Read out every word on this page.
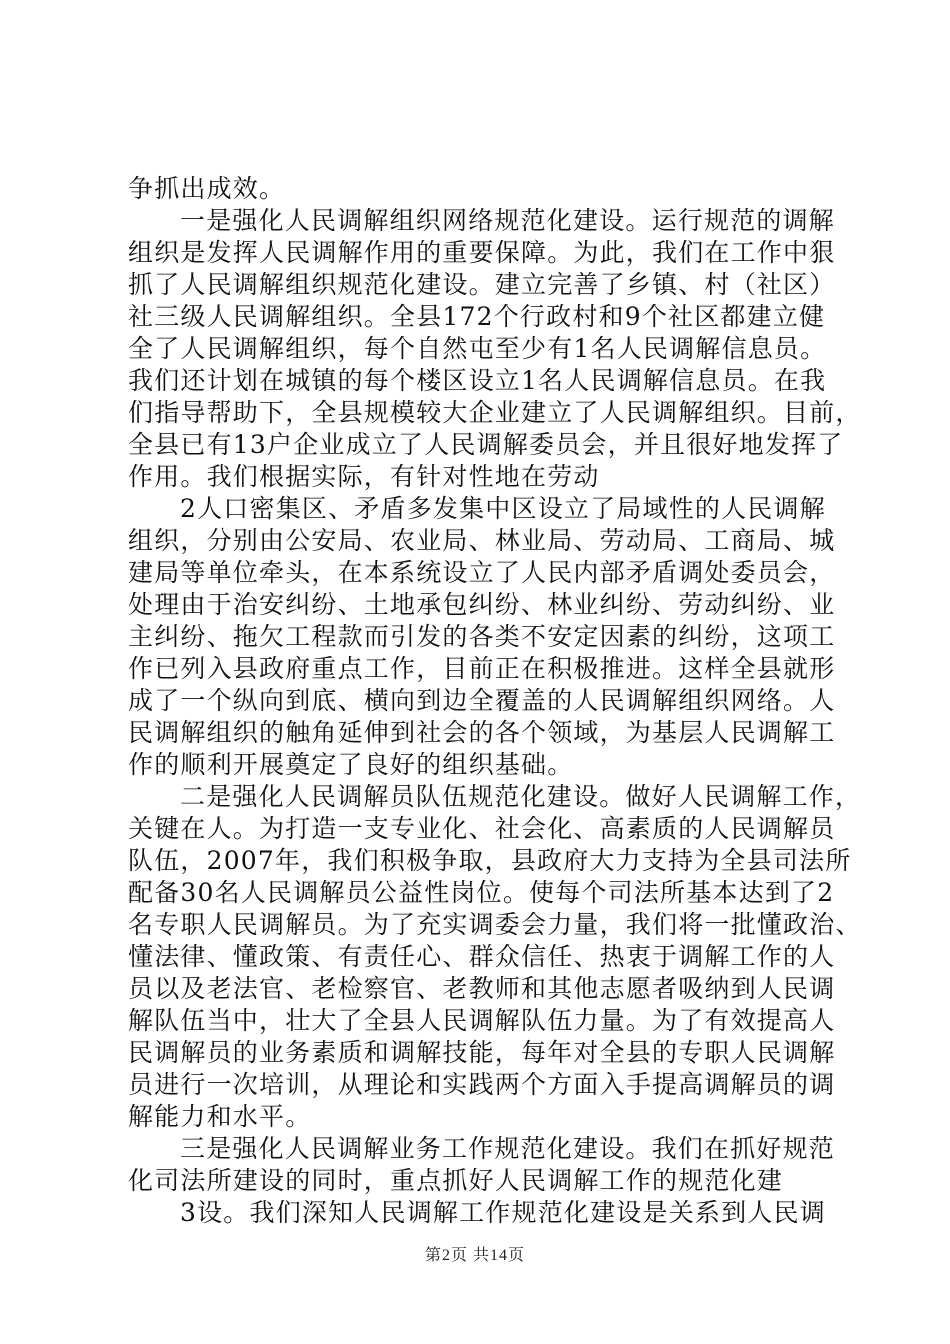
争抓出成效。
一是强化人民调解组织网络规范化建设。运行规范的调解
组织是发挥人民调解作用的重要保障。为此，我们在工作中狠
抓了人民调解组织规范化建设。建立完善了乡镇、村（社区）
社三级人民调解组织。全县172个行政村和9个社区都建立健
全了人民调解组织，每个自然屯至少有1名人民调解信息员。
我们还计划在城镇的每个楼区设立1名人民调解信息员。在我
们指导帮助下，全县规模较大企业建立了人民调解组织。目前，
全县已有13户企业成立了人民调解委员会，并且很好地发挥了
作用。我们根据实际，有针对性地在劳动
2人口密集区、矛盾多发集中区设立了局域性的人民调解
组织，分别由公安局、农业局、林业局、劳动局、工商局、城
建局等单位牵头，在本系统设立了人民内部矛盾调处委员会，
处理由于治安纠纷、土地承包纠纷、林业纠纷、劳动纠纷、业
主纠纷、拖欠工程款而引发的各类不安定因素的纠纷，这项工
作已列入县政府重点工作，目前正在积极推进。这样全县就形
成了一个纵向到底、横向到边全覆盖的人民调解组织网络。人
民调解组织的触角延伸到社会的各个领域，为基层人民调解工
作的顺利开展奠定了良好的组织基础。
二是强化人民调解员队伍规范化建设。做好人民调解工作，
关键在人。为打造一支专业化、社会化、高素质的人民调解员
队伍，2007年，我们积极争取，县政府大力支持为全县司法所
配备30名人民调解员公益性岗位。使每个司法所基本达到了2
名专职人民调解员。为了充实调委会力量，我们将一批懂政治、
懂法律、懂政策、有责任心、群众信任、热衷于调解工作的人
员以及老法官、老检察官、老教师和其他志愿者吸纳到人民调
解队伍当中，壮大了全县人民调解队伍力量。为了有效提高人
民调解员的业务素质和调解技能，每年对全县的专职人民调解
员进行一次培训，从理论和实践两个方面入手提高调解员的调
解能力和水平。
三是强化人民调解业务工作规范化建设。我们在抓好规范
化司法所建设的同时，重点抓好人民调解工作的规范化建
3设。我们深知人民调解工作规范化建设是关系到人民调
第2页 共14页
